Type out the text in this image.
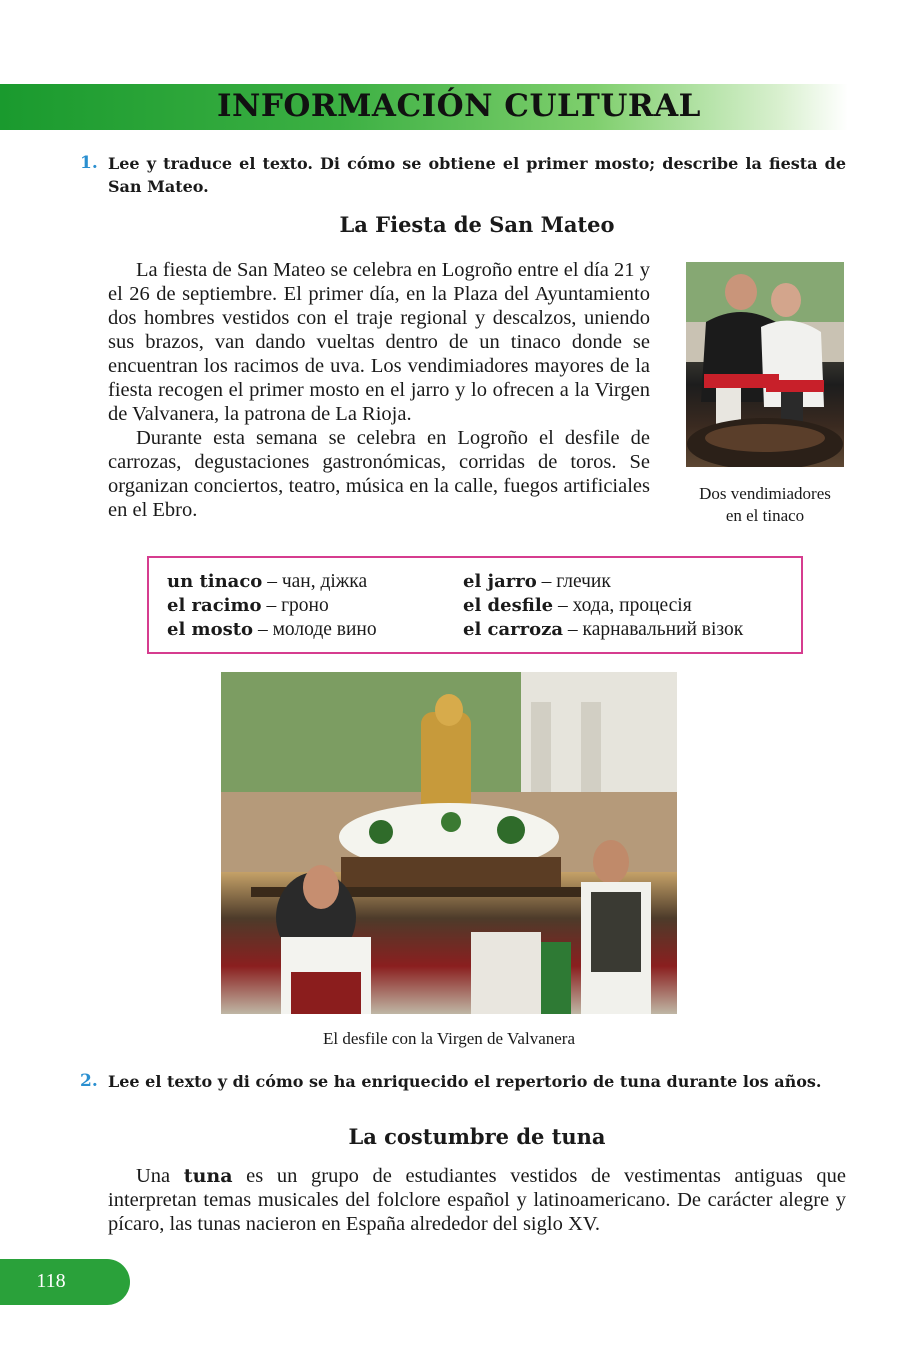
INFORMACIÓN CULTURAL
1. Lee y traduce el texto. Di cómo se obtiene el primer mosto; describe la fiesta de San Mateo.
La Fiesta de San Mateo

La fiesta de San Mateo se celebra en Logroño entre el día 21 y el 26 de septiembre. El primer día, en la Plaza del Ayuntamiento dos hombres vestidos con el traje regional y descalzos, uniendo sus brazos, van dando vueltas dentro de un tinaco donde se encuentran los racimos de uva. Los vendimiadores mayores de la fiesta recogen el primer mosto en el jarro y lo ofrecen a la Virgen de Valvanera, la patrona de La Rioja.

Durante esta semana se celebra en Logroño el desfile de carrozas, degustaciones gastronómicas, corridas de toros. Se organizan conciertos, teatro, música en la calle, fuegos artificiales en el Ebro.

Dos vendimiadores
en el tinaco
un tinaco – чан, діжка
el racimo – гроно
el mosto – молоде вино
el jarro – глечик
el desfile – хода, процесія
el carroza – карнавальний візок
El desfile con la Virgen de Valvanera
2. Lee el texto y di cómo se ha enriquecido el repertorio de tuna durante los años.
La costumbre de tuna

Una tuna es un grupo de estudiantes vestidos de vestimentas antiguas que interpretan temas musicales del folclore español y latinoamericano. De carácter alegre y pícaro, las tunas nacieron en España alrededor del siglo XV.

118
